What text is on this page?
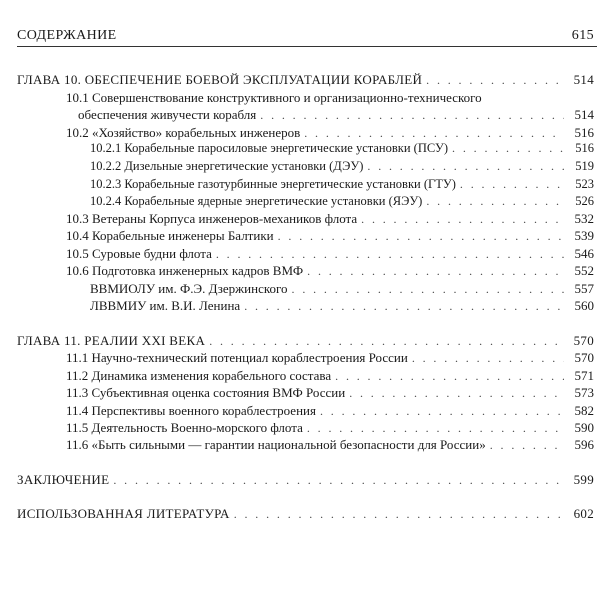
СОДЕРЖАНИЕ	615
ГЛАВА 10. ОБЕСПЕЧЕНИЕ БОЕВОЙ ЭКСПЛУАТАЦИИ КОРАБЛЕЙ . . .	514
10.1 Совершенствование конструктивного и организационно-технического
обеспечения живучести корабля . . .	514
10.2 «Хозяйство» корабельных инженеров . . .	516
10.2.1 Корабельные паросиловые энергетические установки (ПСУ) . . .	516
10.2.2 Дизельные энергетические установки (ДЭУ) . . .	519
10.2.3 Корабельные газотурбинные энергетические установки (ГТУ) . . .	523
10.2.4 Корабельные ядерные энергетические установки (ЯЭУ) . . .	526
10.3 Ветераны Корпуса инженеров-механиков флота . . .	532
10.4 Корабельные инженеры Балтики . . .	539
10.5 Суровые будни флота . . .	546
10.6 Подготовка инженерных кадров ВМФ . . .	552
ВВМИОЛУ им. Ф.Э. Дзержинского . . .	557
ЛВВМИУ им. В.И. Ленина . . .	560
ГЛАВА 11. РЕАЛИИ XXI ВЕКА . . .	570
11.1 Научно-технический потенциал кораблестроения России . . .	570
11.2 Динамика изменения корабельного состава . . .	571
11.3 Субъективная оценка состояния ВМФ России . . .	573
11.4 Перспективы военного кораблестроения . . .	582
11.5 Деятельность Военно-морского флота . . .	590
11.6 «Быть сильными — гарантии национальной безопасности для России» . . .	596
ЗАКЛЮЧЕНИЕ . . .	599
ИСПОЛЬЗОВАННАЯ ЛИТЕРАТУРА . . .	602
